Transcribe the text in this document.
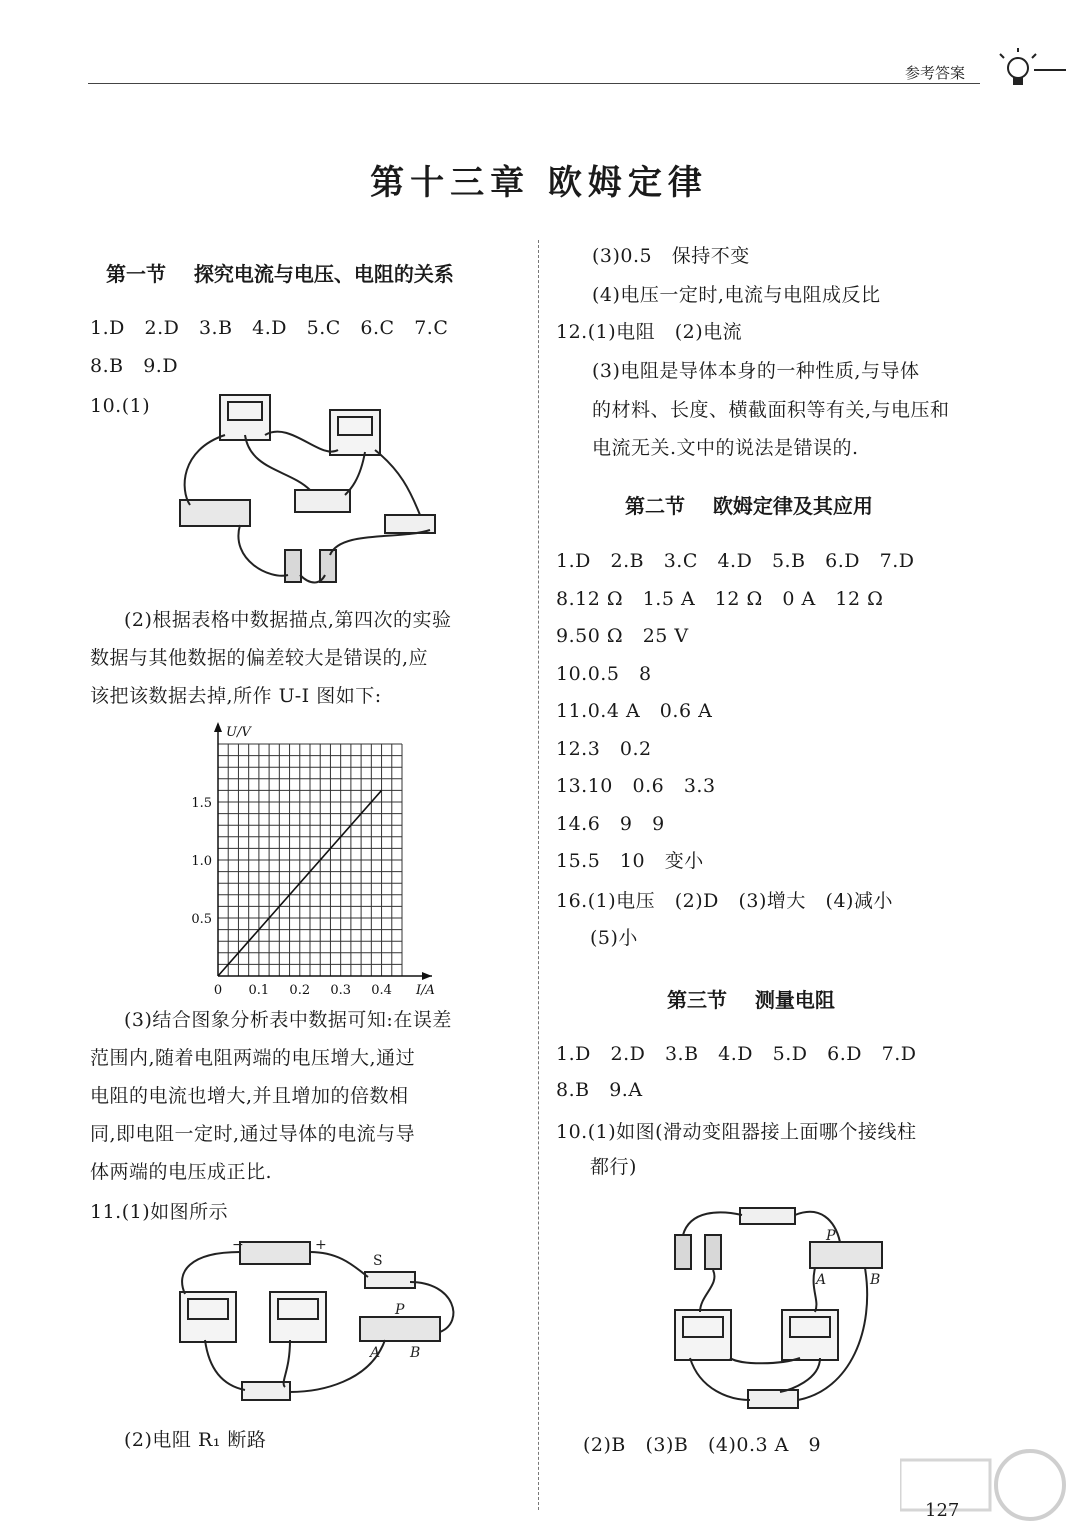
参考答案
第十三章 欧姆定律
第一节    探究电流与电压、电阻的关系
1.D   2.D   3.B   4.D   5.C   6.C   7.C
8.B   9.D
10.(1)
(2)根据表格中数据描点,第四次的实验
数据与其他数据的偏差较大是错误的,应
该把该数据去掉,所作 U-I 图如下:
0 0.1 0.2 0.3 0.4
0.5
1.0
1.5
U/V
I/A
(3)结合图象分析表中数据可知:在误差
范围内,随着电阻两端的电压增大,通过
电阻的电流也增大,并且增加的倍数相
同,即电阻一定时,通过导体的电流与导
体两端的电压成正比.
11.(1)如图所示
−	+
S
P
A B
(2)电阻 R₁ 断路
(3)0.5   保持不变
(4)电压一定时,电流与电阻成反比
12.(1)电阻   (2)电流
(3)电阻是导体本身的一种性质,与导体
的材料、长度、横截面积等有关,与电压和
电流无关.文中的说法是错误的.
第二节    欧姆定律及其应用
1.D   2.B   3.C   4.D   5.B   6.D   7.D
8.12 Ω   1.5 A   12 Ω   0 A   12 Ω
9.50 Ω   25 V
10.0.5   8
11.0.4 A   0.6 A
12.3   0.2
13.10   0.6   3.3
14.6   9   9
15.5   10   变小
16.(1)电压   (2)D   (3)增大   (4)减小
(5)小
第三节    测量电阻
1.D   2.D   3.B   4.D   5.D   6.D   7.D
8.B   9.A
10.(1)如图(滑动变阻器接上面哪个接线柱
都行)
P
A	B
(2)B   (3)B   (4)0.3 A   9
127
